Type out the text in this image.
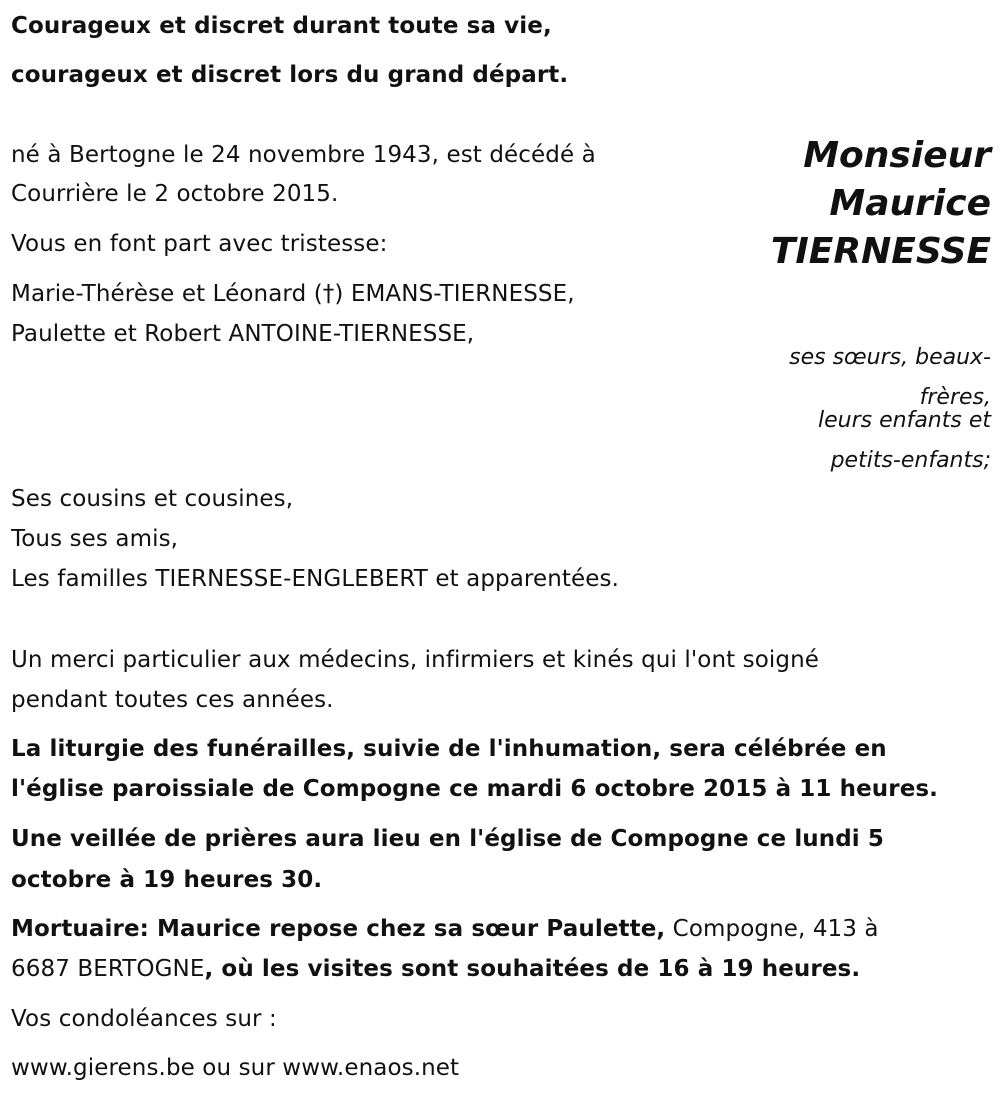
Courageux et discret durant toute sa vie,
courageux et discret lors du grand départ.
Monsieur
Maurice
TIERNESSE
né à Bertogne le 24 novembre 1943, est décédé à
Courrière le 2 octobre 2015.
Vous en font part avec tristesse:
Marie-Thérèse et Léonard (†) EMANS-TIERNESSE,
Paulette et Robert ANTOINE-TIERNESSE,
ses sœurs, beaux-
frères,
leurs enfants et
petits-enfants;
Ses cousins et cousines,
Tous ses amis,
Les familles TIERNESSE-ENGLEBERT et apparentées.
Un merci particulier aux médecins, infirmiers et kinés qui l'ont soigné
pendant toutes ces années.
La liturgie des funérailles, suivie de l'inhumation, sera célébrée en
l'église paroissiale de Compogne ce mardi 6 octobre 2015 à 11 heures.
Une veillée de prières aura lieu en l'église de Compogne ce lundi 5
octobre à 19 heures 30.
Mortuaire: Maurice repose chez sa sœur Paulette, Compogne, 413 à
6687 BERTOGNE, où les visites sont souhaitées de 16 à 19 heures.
Vos condoléances sur :
www.gierens.be ou sur www.enaos.net
